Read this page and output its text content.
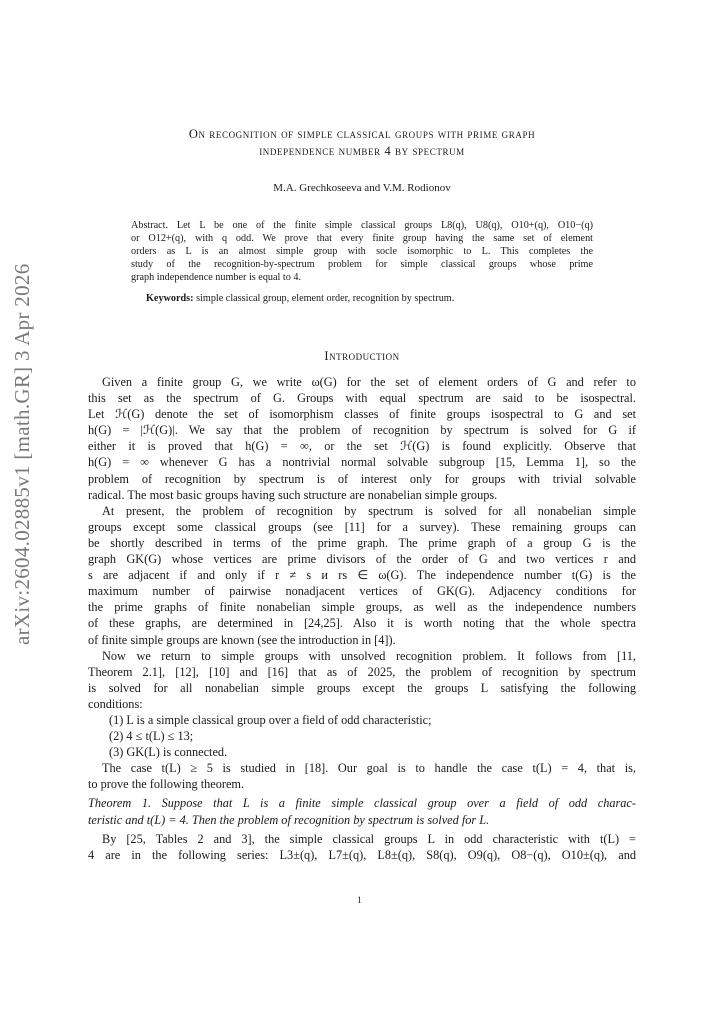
arXiv:2604.02885v1 [math.GR] 3 Apr 2026
On recognition of simple classical groups with prime graph
independence number 4 by spectrum
M.A. Grechkoseeva and V.M. Rodionov
Abstract. Let L be one of the finite simple classical groups L8(q), U8(q), O10+(q), O10−(q)
or O12+(q), with q odd. We prove that every finite group having the same set of element
orders as L is an almost simple group with socle isomorphic to L. This completes the
study of the recognition-by-spectrum problem for simple classical groups whose prime
graph independence number is equal to 4.
Keywords: simple classical group, element order, recognition by spectrum.
Introduction
Given a finite group G, we write ω(G) for the set of element orders of G and refer to
this set as the spectrum of G. Groups with equal spectrum are said to be isospectral.
Let ℋ(G) denote the set of isomorphism classes of finite groups isospectral to G and set
h(G) = |ℋ(G)|. We say that the problem of recognition by spectrum is solved for G if
either it is proved that h(G) = ∞, or the set ℋ(G) is found explicitly. Observe that
h(G) = ∞ whenever G has a nontrivial normal solvable subgroup [15, Lemma 1], so the
problem of recognition by spectrum is of interest only for groups with trivial solvable
radical. The most basic groups having such structure are nonabelian simple groups.
At present, the problem of recognition by spectrum is solved for all nonabelian simple
groups except some classical groups (see [11] for a survey). These remaining groups can
be shortly described in terms of the prime graph. The prime graph of a group G is the
graph GK(G) whose vertices are prime divisors of the order of G and two vertices r and
s are adjacent if and only if r ≠ s и rs ∈ ω(G). The independence number t(G) is the
maximum number of pairwise nonadjacent vertices of GK(G). Adjacency conditions for
the prime graphs of finite nonabelian simple groups, as well as the independence numbers
of these graphs, are determined in [24,25]. Also it is worth noting that the whole spectra
of finite simple groups are known (see the introduction in [4]).
Now we return to simple groups with unsolved recognition problem. It follows from [11,
Theorem 2.1], [12], [10] and [16] that as of 2025, the problem of recognition by spectrum
is solved for all nonabelian simple groups except the groups L satisfying the following
conditions:
(1) L is a simple classical group over a field of odd characteristic;
(2) 4 ≤ t(L) ≤ 13;
(3) GK(L) is connected.
The case t(L) ≥ 5 is studied in [18]. Our goal is to handle the case t(L) = 4, that is,
to prove the following theorem.
Theorem 1. Suppose that L is a finite simple classical group over a field of odd charac-
teristic and t(L) = 4. Then the problem of recognition by spectrum is solved for L.
By [25, Tables 2 and 3], the simple classical groups L in odd characteristic with t(L) =
4 are in the following series: L3±(q), L7±(q), L8±(q), S8(q), O9(q), O8−(q), O10±(q), and
1
